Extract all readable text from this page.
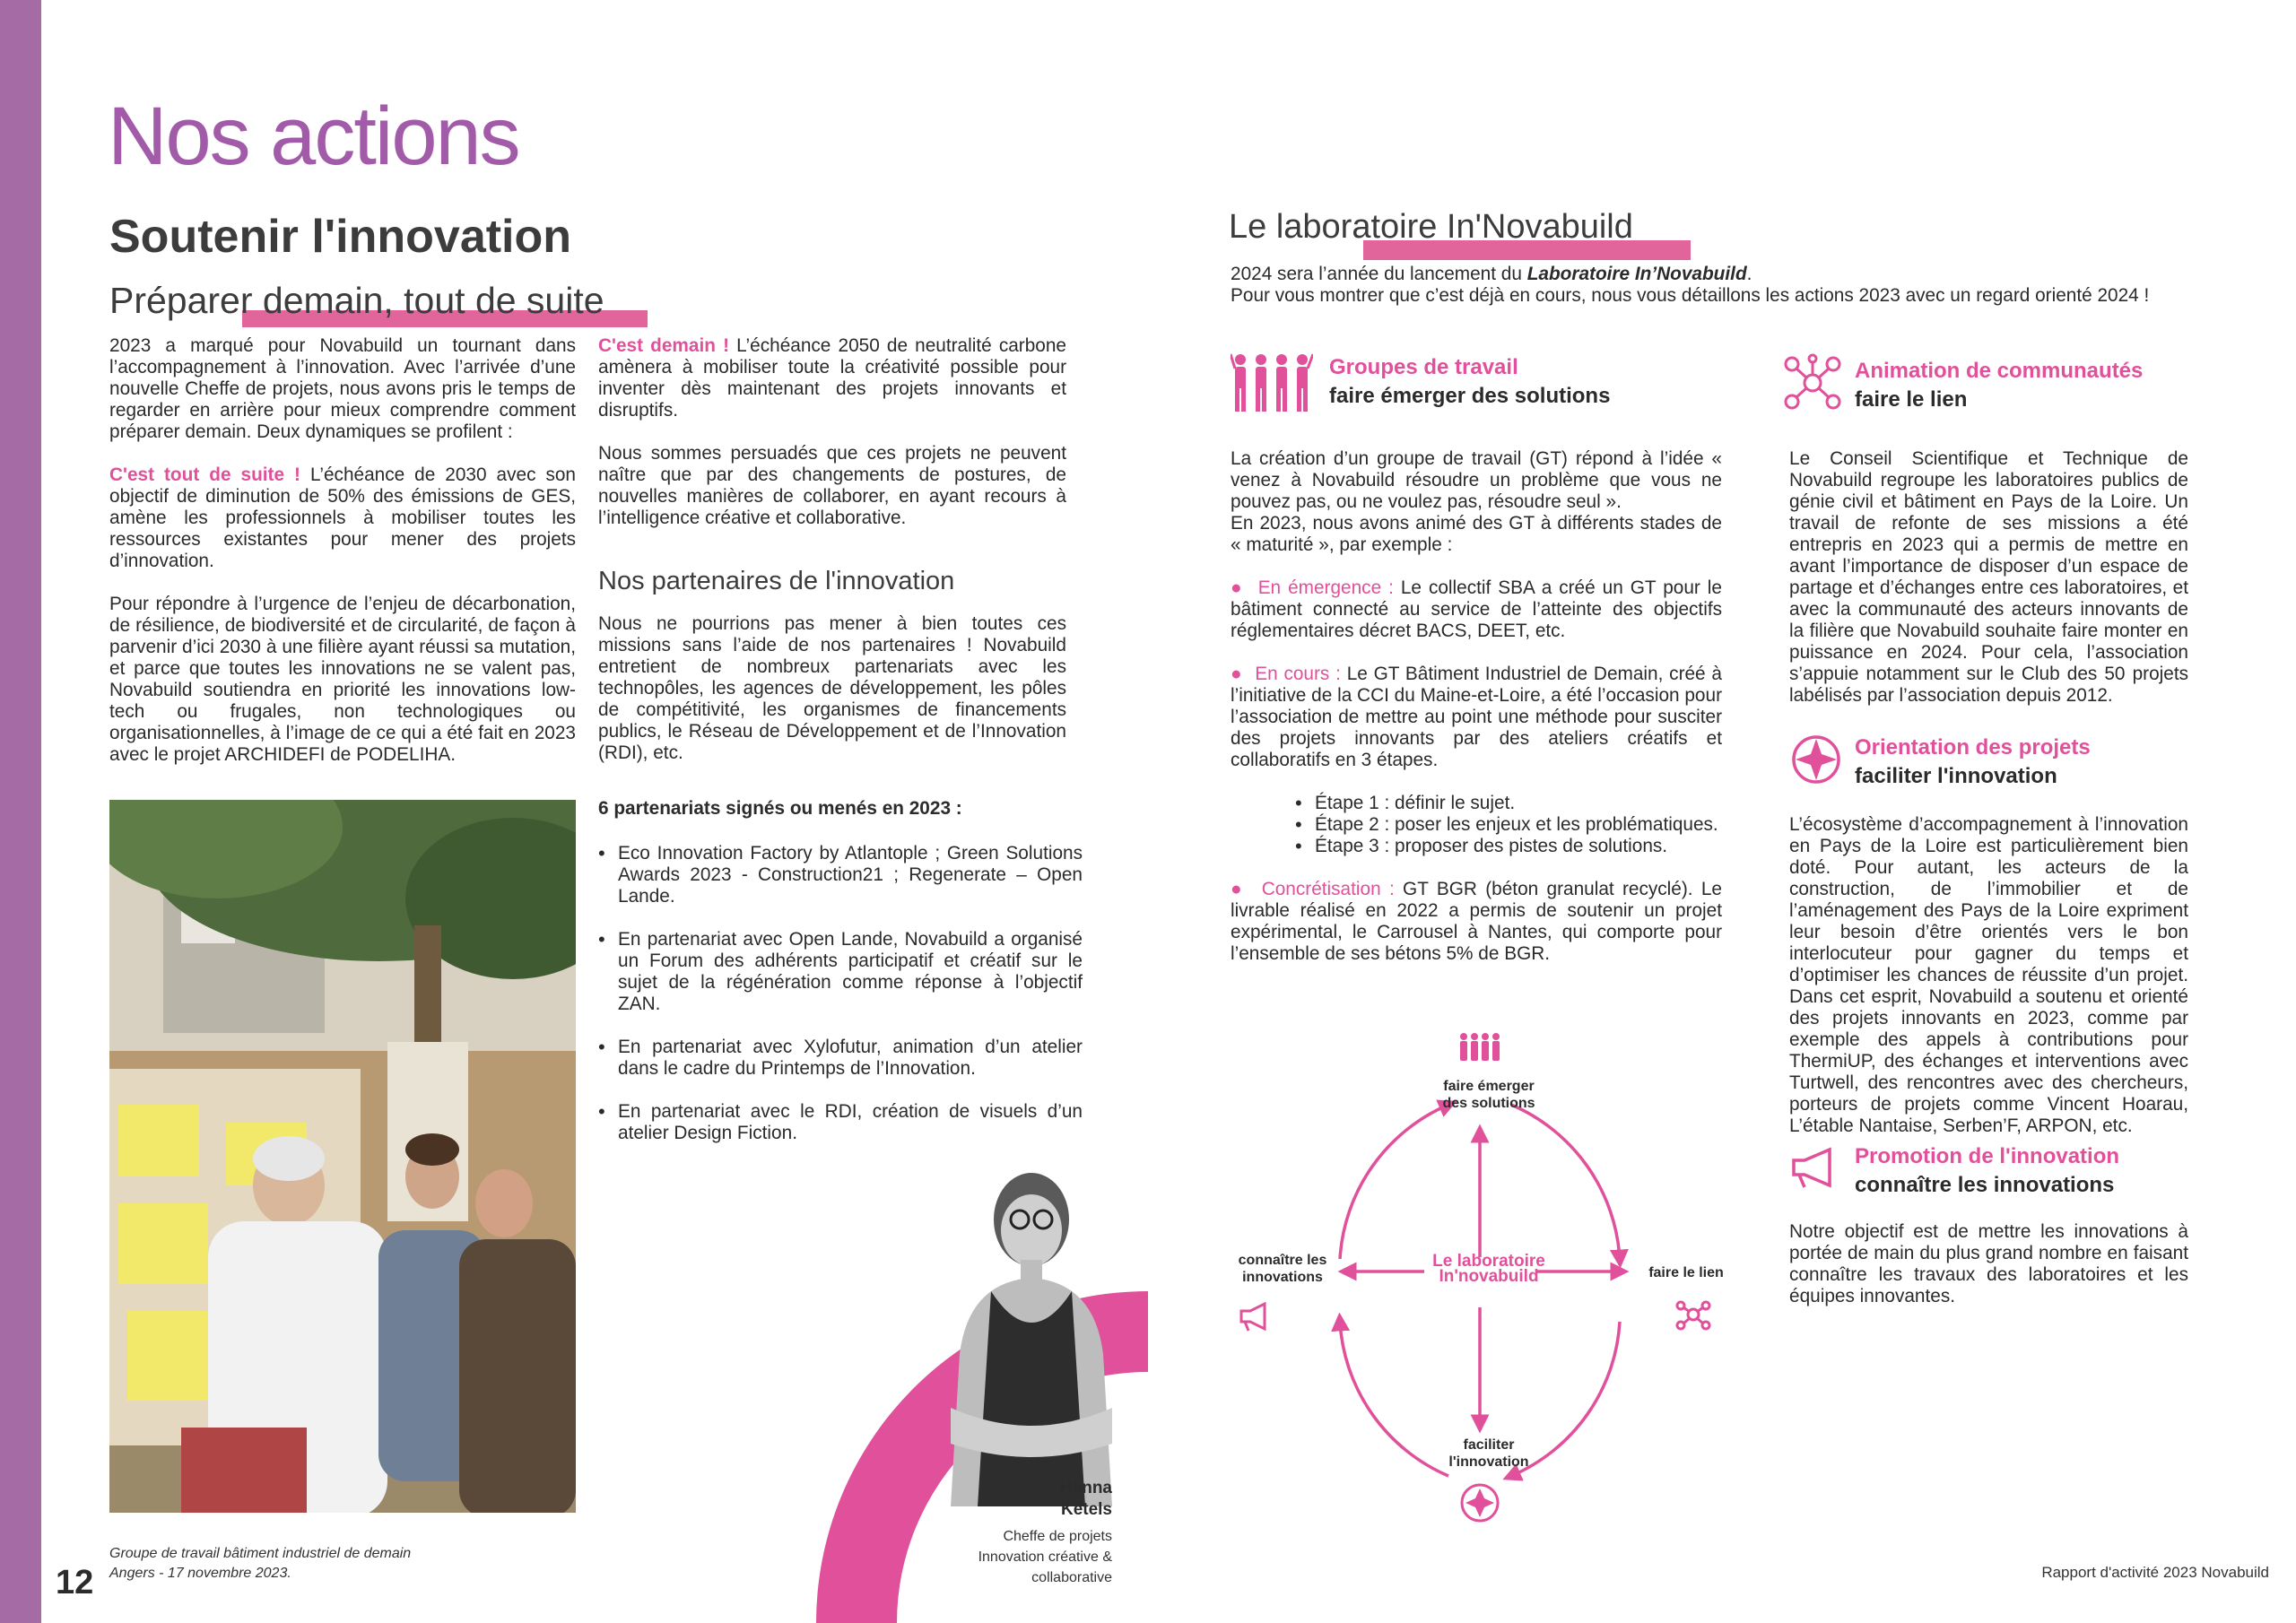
Nos actions
Soutenir l'innovation
Préparer demain, tout de suite

2023 a marqué pour Novabuild un tournant dans l’accompagnement à l’innovation. Avec l’arrivée d’une nouvelle Cheffe de projets, nous avons pris le temps de regarder en arrière pour mieux comprendre comment préparer demain. Deux dynamiques se profilent :

C'est tout de suite ! L’échéance de 2030 avec son objectif de diminution de 50% des émissions de GES, amène les professionnels à mobiliser toutes les ressources existantes pour mener des projets d’innovation.

Pour répondre à l’urgence de l’enjeu de décarbonation, de résilience, de biodiversité et de circularité, de façon à parvenir d’ici 2030 à une filière ayant réussi sa mutation, et parce que toutes les innovations ne se valent pas, Novabuild soutiendra en priorité les innovations low-tech ou frugales, non technologiques ou organisationnelles, à l’image de ce qui a été fait en 2023 avec le projet ARCHIDEFI de PODELIHA.

Groupe de travail bâtiment industriel de demain
Angers - 17 novembre 2023.
12

C'est demain ! L’échéance 2050 de neutralité carbone amènera à mobiliser toute la créativité possible pour inventer dès maintenant des projets innovants et disruptifs.

Nous sommes persuadés que ces projets ne peuvent naître que par des changements de postures, de nouvelles manières de collaborer, en ayant recours à l’intelligence créative et collaborative.

Nos partenaires de l'innovation
Nous ne pourrions pas mener à bien toutes ces missions sans l’aide de nos partenaires ! Novabuild entretient de nombreux partenariats avec les technopôles, les agences de développement, les pôles de compétitivité, les organismes de financements publics, le Réseau de Développement et de l’Innovation (RDI), etc.
6 partenariats signés ou menés en 2023 :
• Eco Innovation Factory by Atlantople ; Green Solutions Awards 2023 - Construction21 ; Regenerate – Open Lande.
• En partenariat avec Open Lande, Novabuild a organisé un Forum des adhérents participatif et créatif sur le sujet de la régénération comme réponse à l’objectif ZAN.
• En partenariat avec Xylofutur, animation d’un atelier dans le cadre du Printemps de l’Innovation.
• En partenariat avec le RDI, création de visuels d’un atelier Design Fiction.
Hanna
Ketels
Cheffe de projets
Innovation créative &
collaborative
Le laboratoire In'Novabuild
2024 sera l’année du lancement du Laboratoire In’Novabuild.
Pour vous montrer que c’est déjà en cours, nous vous détaillons les actions 2023 avec un regard orienté 2024 !
Groupes de travail
faire émerger des solutions
La création d’un groupe de travail (GT) répond à l’idée « venez à Novabuild résoudre un problème que vous ne pouvez pas, ou ne voulez pas, résoudre seul ».

En 2023, nous avons animé des GT à différents stades de « maturité », par exemple :

●  En émergence : Le collectif SBA a créé un GT pour le bâtiment connecté au service de l’atteinte des objectifs réglementaires décret BACS, DEET, etc.

●  En cours : Le GT Bâtiment Industriel de Demain, créé à l’initiative de la CCI du Maine-et-Loire, a été l’occasion pour l’association de mettre au point une méthode pour susciter des projets innovants par des ateliers créatifs et collaboratifs en 3 étapes.

• Étape 1 : définir le sujet.
• Étape 2 : poser les enjeux et les problématiques.
• Étape 3 : proposer des pistes de solutions.

●  Concrétisation : GT BGR (béton granulat recyclé). Le livrable réalisé en 2022 a permis de soutenir un projet expérimental, le Carrousel à Nantes, qui comporte pour l’ensemble de ses bétons 5% de BGR.

faire émerger
des solutions
connaître les
innovations	faire le lien
faciliter
l'innovation
Le laboratoire
In'novabuild
Animation de communautés
faire le lien
Le Conseil Scientifique et Technique de Novabuild regroupe les laboratoires publics de génie civil et bâtiment en Pays de la Loire. Un travail de refonte de ses missions a été entrepris en 2023 qui a permis de mettre en avant l’importance de disposer d’un espace de partage et d’échanges entre ces laboratoires, et avec la communauté des acteurs innovants de la filière que Novabuild souhaite faire monter en puissance en 2024. Pour cela, l’association s’appuie notamment sur le Club des 50 projets labélisés par l’association depuis 2012.
Orientation des projets
faciliter l'innovation
L’écosystème d’accompagnement à l’innovation en Pays de la Loire est particulièrement bien doté. Pour autant, les acteurs de la construction, de l’immobilier et de l’aménagement des Pays de la Loire expriment leur besoin d’être orientés vers le bon interlocuteur pour gagner du temps et d’optimiser les chances de réussite d’un projet. Dans cet esprit, Novabuild a soutenu et orienté des projets innovants en 2023, comme par exemple des appels à contributions pour ThermiUP, des échanges et interventions avec Turtwell, des rencontres avec des chercheurs, porteurs de projets comme Vincent Hoarau, L’étable Nantaise, Serben’F, ARPON, etc.
Promotion de l'innovation
connaître les innovations
Notre objectif est de mettre les innovations à portée de main du plus grand nombre en faisant connaître les travaux des laboratoires et les équipes innovantes.
Rapport d'activité 2023 Novabuild
